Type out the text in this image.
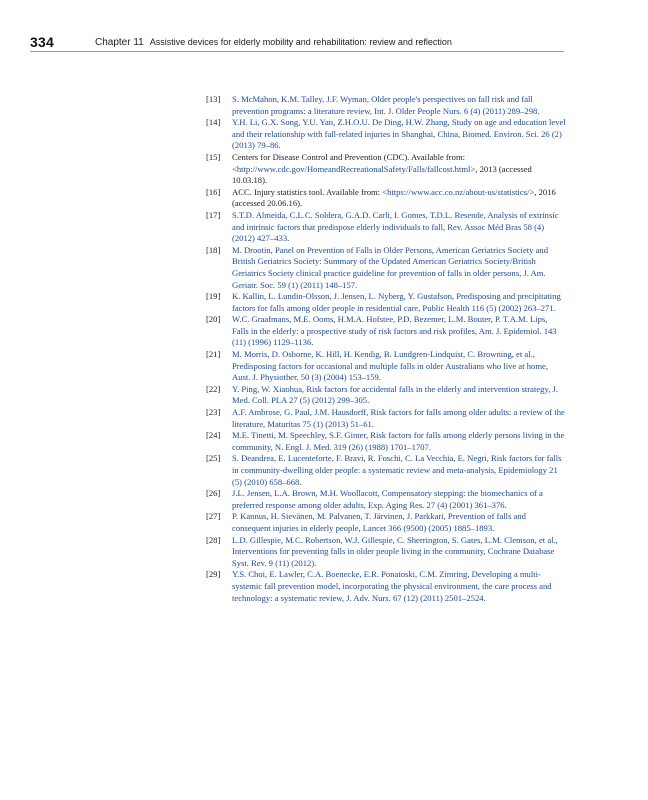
334	Chapter 11 Assistive devices for elderly mobility and rehabilitation: review and reflection
[13]	S. McMahon, K.M. Talley, J.F. Wyman, Older people's perspectives on fall risk and fall prevention programs: a literature review, Int. J. Older People Nurs. 6 (4) (2011) 289–298.
[14]	Y.H. Li, G.X. Song, Y.U. Yan, Z.H.O.U. De Ding, H.W. Zhang, Study on age and education level and their relationship with fall-related injuries in Shanghai, China, Biomed. Environ. Sci. 26 (2) (2013) 79–86.
[15]	Centers for Disease Control and Prevention (CDC). Available from: <http://www.cdc.gov/HomeandRecreationalSafety/Falls/fallcost.html>, 2013 (accessed 10.03.18).
[16]	ACC. Injury statistics tool. Available from: <https://www.acc.co.nz/about-us/statistics/>, 2016 (accessed 20.06.16).
[17]	S.T.D. Almeida, C.L.C. Soldera, G.A.D. Carli, I. Gomes, T.D.L. Resende, Analysis of extrinsic and intrinsic factors that predispose elderly individuals to fall, Rev. Assoc Méd Bras 58 (4) (2012) 427–433.
[18]	M. Drootin, Panel on Prevention of Falls in Older Persons, American Geriatrics Society and British Geriatrics Society: Summary of the Updated American Geriatrics Society/British Geriatrics Society clinical practice guideline for prevention of falls in older persons, J. Am. Geriatr. Soc. 59 (1) (2011) 148–157.
[19]	K. Kallin, L. Lundin-Olsson, J. Jensen, L. Nyberg, Y. Gustafson, Predisposing and precipitating factors for falls among older people in residential care, Public Health 116 (5) (2002) 263–271.
[20]	W.C. Graafmans, M.E. Ooms, H.M.A. Hofstee, P.D. Bezemer, L.M. Bouter, P. T.A.M. Lips, Falls in the elderly: a prospective study of risk factors and risk profiles, Am. J. Epidemiol. 143 (11) (1996) 1129–1136.
[21]	M. Morris, D. Osborne, K. Hill, H. Kendig, B. Lundgren-Lindquist, C. Browning, et al., Predisposing factors for occasional and multiple falls in older Australians who live at home, Aust. J. Physiother. 50 (3) (2004) 153–159.
[22]	Y. Ping, W. Xiaohua, Risk factors for accidental falls in the elderly and intervention strategy, J. Med. Coll. PLA 27 (5) (2012) 299–305.
[23]	A.F. Ambrose, G. Paul, J.M. Hausdorff, Risk factors for falls among older adults: a review of the literature, Maturitas 75 (1) (2013) 51–61.
[24]	M.E. Tinetti, M. Speechley, S.F. Ginter, Risk factors for falls among elderly persons living in the community, N. Engl. J. Med. 319 (26) (1988) 1701–1707.
[25]	S. Deandrea, E. Lucenteforte, F. Bravi, R. Foschi, C. La Vecchia, E. Negri, Risk factors for falls in community-dwelling older people: a systematic review and meta-analysis, Epidemiology 21 (5) (2010) 658–668.
[26]	J.L. Jensen, L.A. Brown, M.H. Woollacott, Compensatory stepping: the biomechanics of a preferred response among older adults, Exp. Aging Res. 27 (4) (2001) 361–376.
[27]	P. Kannus, H. Sievänen, M. Palvanen, T. Järvinen, J. Parkkari, Prevention of falls and consequent injuries in elderly people, Lancet 366 (9500) (2005) 1885–1893.
[28]	L.D. Gillespie, M.C. Robertson, W.J. Gillespie, C. Sherrington, S. Gates, L.M. Clemson, et al., Interventions for preventing falls in older people living in the community, Cochrane Database Syst. Rev. 9 (11) (2012).
[29]	Y.S. Choi, E. Lawler, C.A. Boenecke, E.R. Ponatoski, C.M. Zimring, Developing a multi-systemic fall prevention model, incorporating the physical environment, the care process and technology: a systematic review, J. Adv. Nurs. 67 (12) (2011) 2501–2524.
